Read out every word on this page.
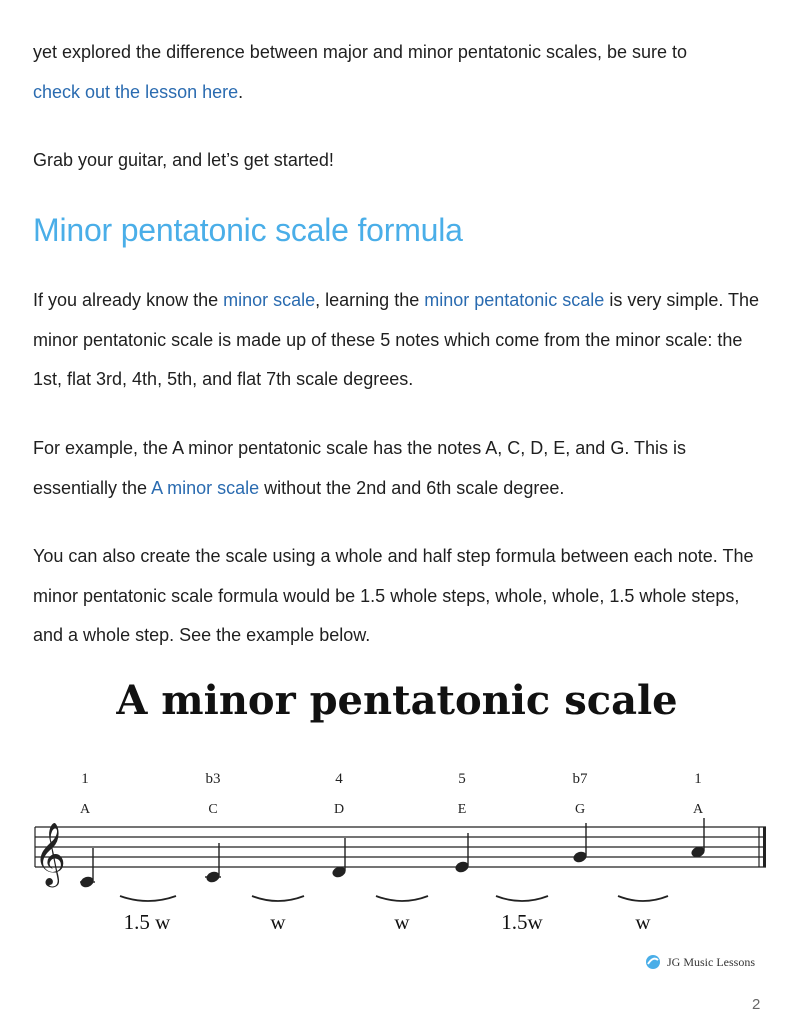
yet explored the difference between major and minor pentatonic scales, be sure to
check out the lesson here.

Grab your guitar, and let’s get started!

Minor pentatonic scale formula

If you already know the minor scale, learning the minor pentatonic scale is very simple. The minor pentatonic scale is made up of these 5 notes which come from the minor scale: the 1st, flat 3rd, 4th, 5th, and flat 7th scale degrees.

For example, the A minor pentatonic scale has the notes A, C, D, E, and G. This is essentially the A minor scale without the 2nd and 6th scale degree.

You can also create the scale using a whole and half step formula between each note. The minor pentatonic scale formula would be 1.5 whole steps, whole, whole, 1.5 whole steps, and a whole step. See the example below.

A minor pentatonic scale
𝄞
1	b3	4	5	b7	1
A	C	D	E	G	A
1.5 w	w	w	1.5w	w
JG Music Lessons
2
